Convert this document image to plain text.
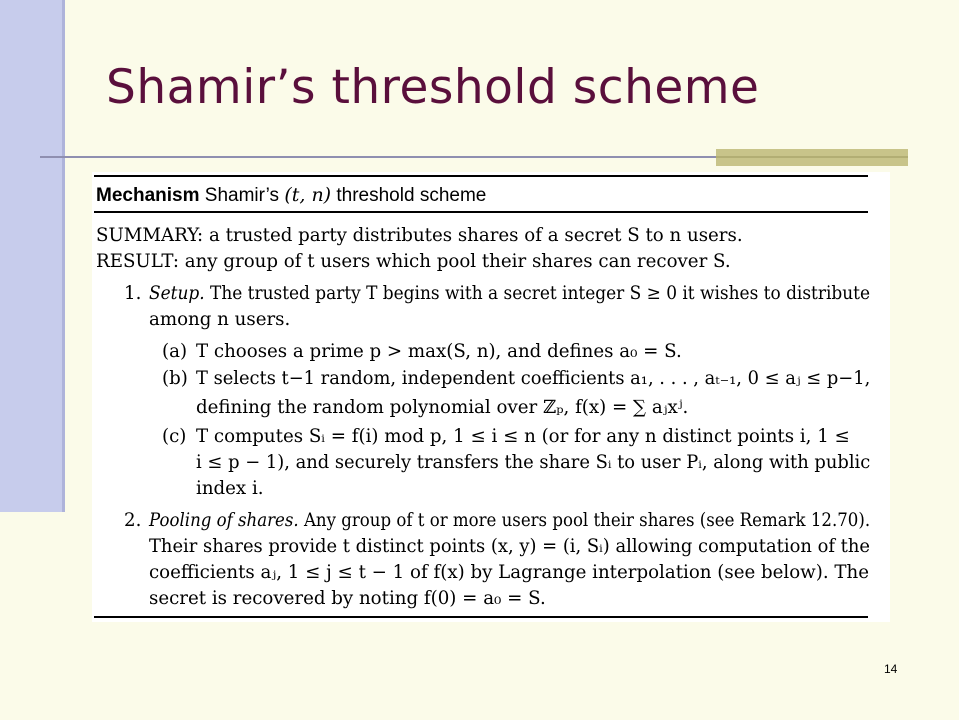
Shamir’s threshold scheme
Mechanism Shamir’s (t, n) threshold scheme
SUMMARY: a trusted party distributes shares of a secret S to n users.
RESULT: any group of t users which pool their shares can recover S.
1. Setup. The trusted party T begins with a secret integer S ≥ 0 it wishes to distribute
among n users.
(a) T chooses a prime p > max(S, n), and defines a₀ = S.
(b) T selects t−1 random, independent coefficients a₁, . . . , aₜ₋₁, 0 ≤ aⱼ ≤ p−1,
defining the random polynomial over ℤₚ, f(x) = ∑ aⱼxʲ.
(c) T computes Sᵢ = f(i) mod p, 1 ≤ i ≤ n (or for any n distinct points i, 1 ≤
i ≤ p − 1), and securely transfers the share Sᵢ to user Pᵢ, along with public
index i.
2. Pooling of shares. Any group of t or more users pool their shares (see Remark 12.70).
Their shares provide t distinct points (x, y) = (i, Sᵢ) allowing computation of the
coefficients aⱼ, 1 ≤ j ≤ t − 1 of f(x) by Lagrange interpolation (see below). The
secret is recovered by noting f(0) = a₀ = S.
14
